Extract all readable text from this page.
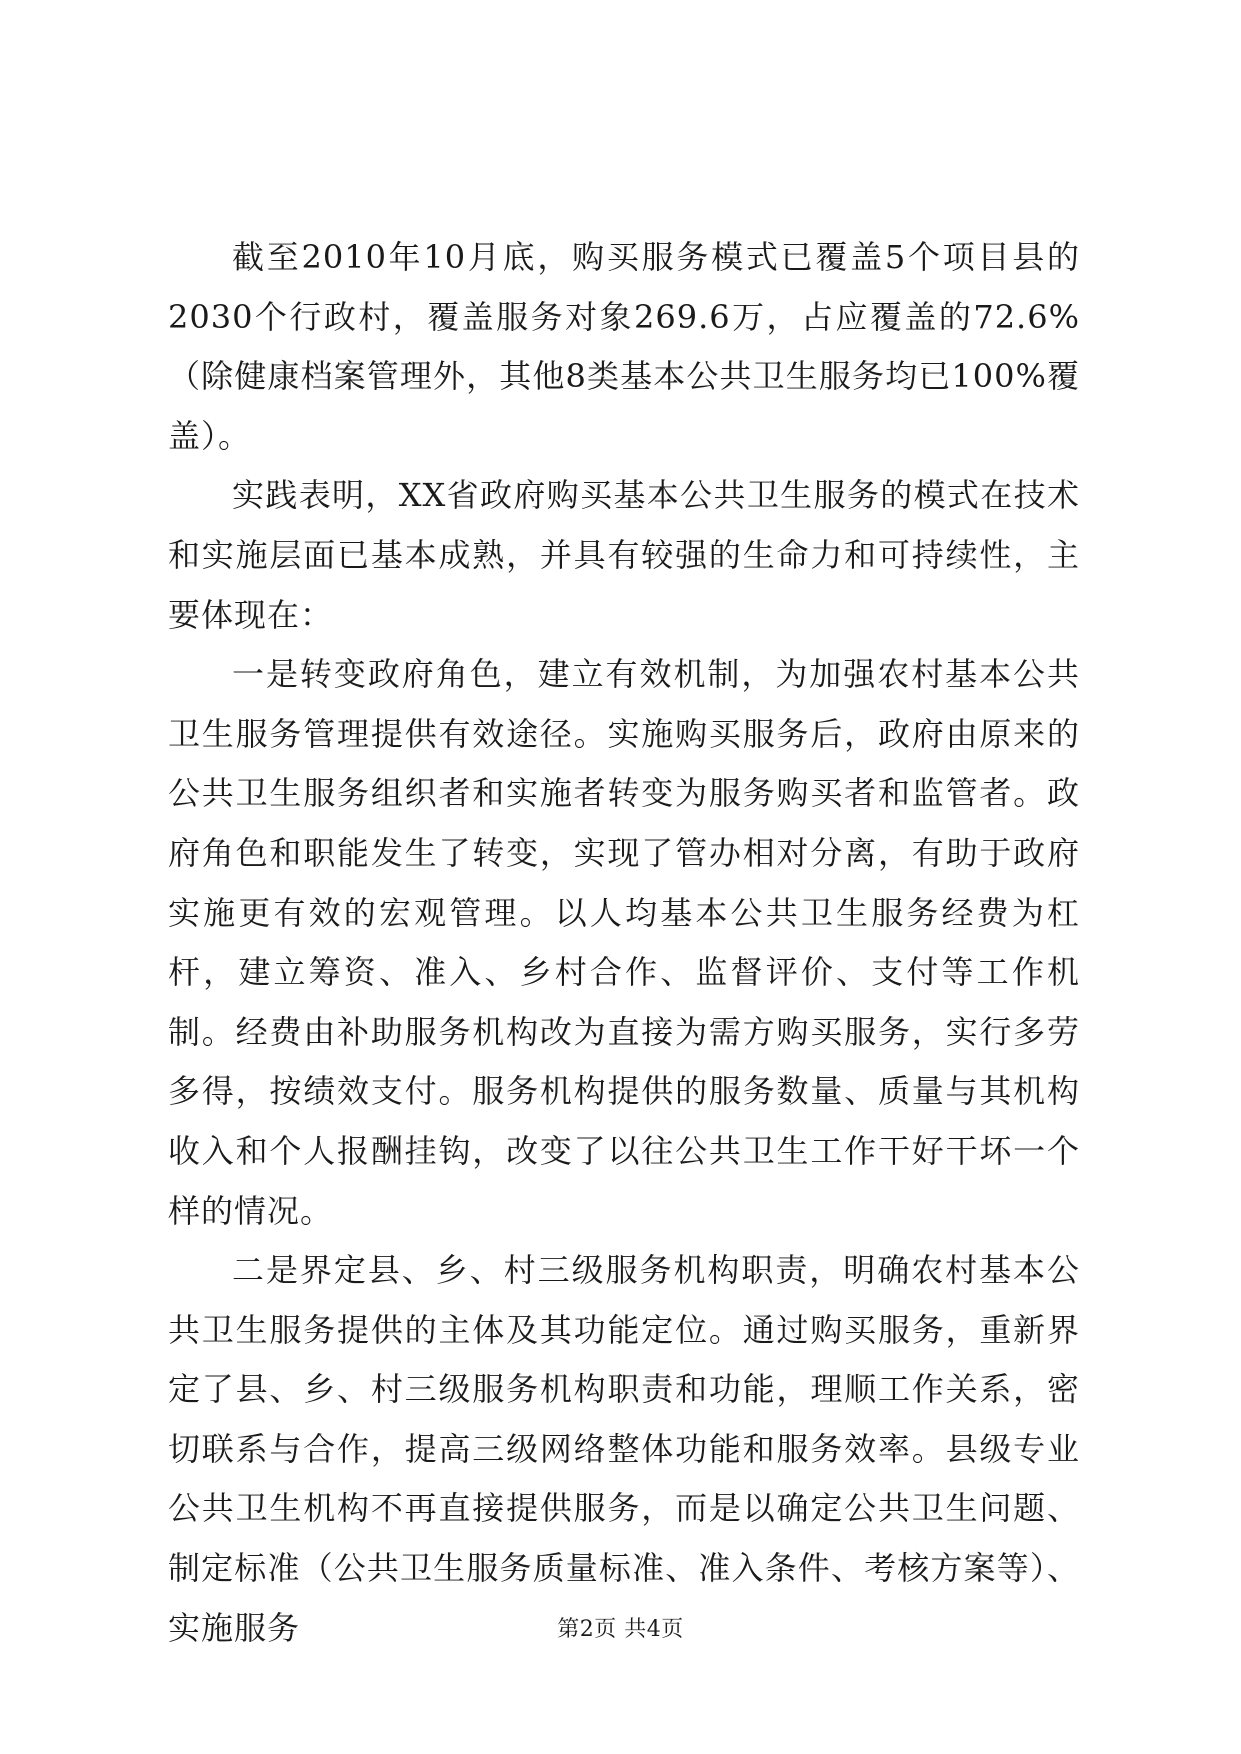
截至2010年10月底，购买服务模式已覆盖5个项目县的2030个行政村，覆盖服务对象269.6万，占应覆盖的72.6%（除健康档案管理外，其他8类基本公共卫生服务均已100%覆盖）。

实践表明，XX省政府购买基本公共卫生服务的模式在技术和实施层面已基本成熟，并具有较强的生命力和可持续性，主要体现在：

一是转变政府角色，建立有效机制，为加强农村基本公共卫生服务管理提供有效途径。实施购买服务后，政府由原来的公共卫生服务组织者和实施者转变为服务购买者和监管者。政府角色和职能发生了转变，实现了管办相对分离，有助于政府实施更有效的宏观管理。以人均基本公共卫生服务经费为杠杆，建立筹资、准入、乡村合作、监督评价、支付等工作机制。经费由补助服务机构改为直接为需方购买服务，实行多劳多得，按绩效支付。服务机构提供的服务数量、质量与其机构收入和个人报酬挂钩，改变了以往公共卫生工作干好干坏一个样的情况。

二是界定县、乡、村三级服务机构职责，明确农村基本公共卫生服务提供的主体及其功能定位。通过购买服务，重新界定了县、乡、村三级服务机构职责和功能，理顺工作关系，密切联系与合作，提高三级网络整体功能和服务效率。县级专业公共卫生机构不再直接提供服务，而是以确定公共卫生问题、制定标准（公共卫生服务质量标准、准入条件、考核方案等）、实施服务	第2页 共4页
